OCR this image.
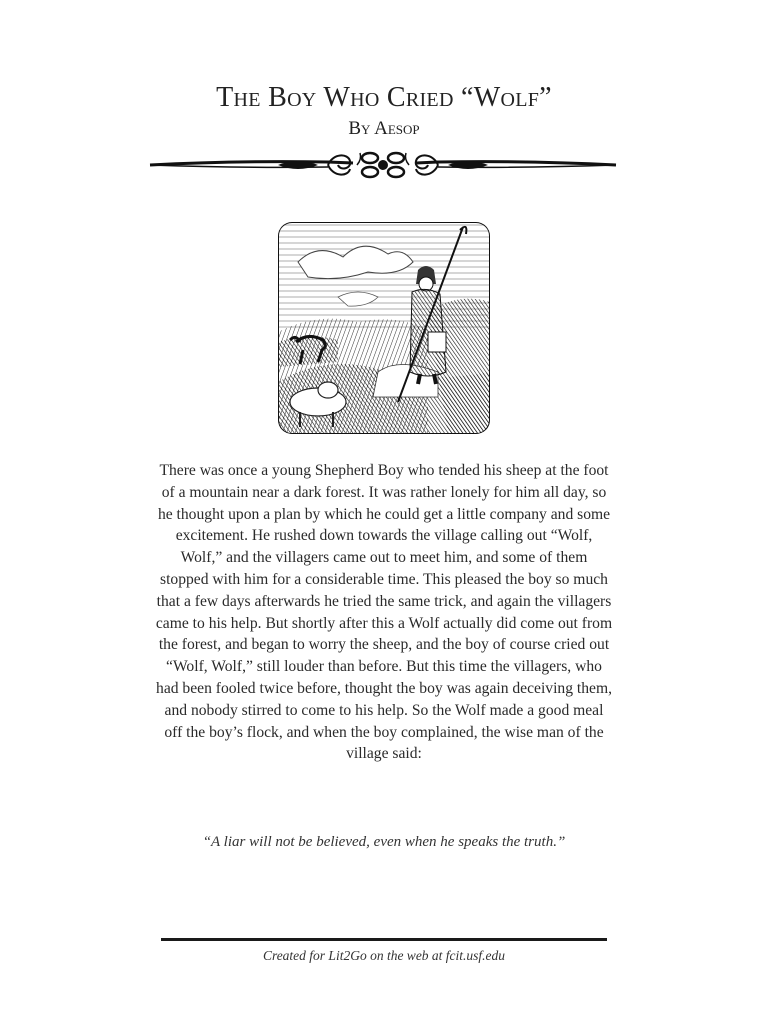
The Boy Who Cried “Wolf”
By Aesop

There was once a young Shepherd Boy who tended his sheep at the foot of a mountain near a dark forest. It was rather lonely for him all day, so he thought upon a plan by which he could get a little company and some excitement. He rushed down towards the village calling out “Wolf, Wolf,” and the villagers came out to meet him, and some of them stopped with him for a considerable time. This pleased the boy so much that a few days afterwards he tried the same trick, and again the villagers came to his help. But shortly after this a Wolf actually did come out from the forest, and began to worry the sheep, and the boy of course cried out “Wolf, Wolf,” still louder than before. But this time the villagers, who had been fooled twice before, thought the boy was again deceiving them, and nobody stirred to come to his help. So the Wolf made a good meal off the boy’s flock, and when the boy complained, the wise man of the village said:

“A liar will not be believed, even when he speaks the truth.”

Created for Lit2Go on the web at fcit.usf.edu
